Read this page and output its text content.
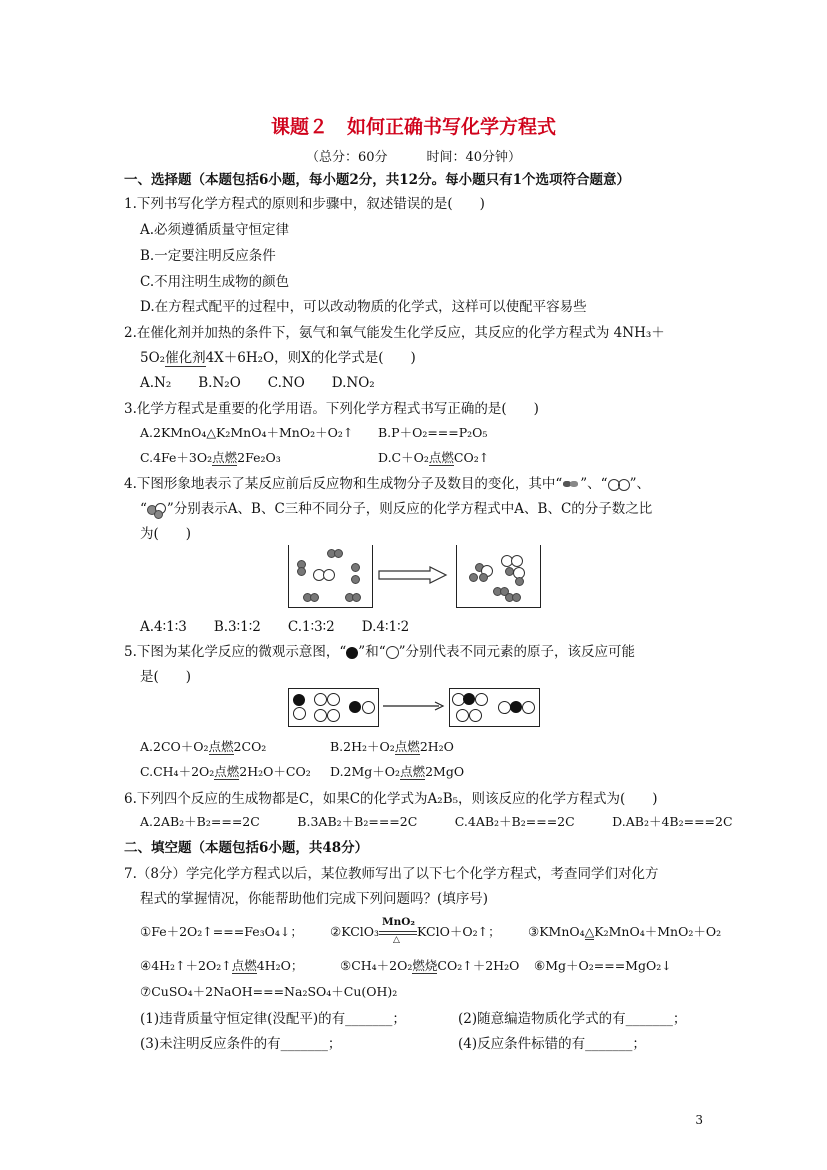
课题２　如何正确书写化学方程式
（总分：60分　　　时间：40分钟）
一、选择题（本题包括6小题，每小题2分，共12分。每小题只有1个选项符合题意）
1.下列书写化学方程式的原则和步骤中，叙述错误的是(　　)
A.必须遵循质量守恒定律
B.一定要注明反应条件
C.不用注明生成物的颜色
D.在方程式配平的过程中，可以改动物质的化学式，这样可以使配平容易些
2.在催化剂并加热的条件下，氨气和氧气能发生化学反应，其反应的化学方程式为 4NH₃＋
5O₂催化剂4X＋6H₂O，则X的化学式是(　　)
A.N₂　　B.N₂O　　C.NO　　D.NO₂
3.化学方程式是重要的化学用语。下列化学方程式书写正确的是(　　)
A.2KMnO₄△K₂MnO₄＋MnO₂＋O₂↑ B.P＋O₂===P₂O₅
C.4Fe＋3O₂点燃2Fe₂O₃	D.C＋O₂点燃CO₂↑
4.下图形象地表示了某反应前后反应物和生成物分子及数目的变化，其中“ ”、“ ”、
“ ”分别表示A、B、C三种不同分子，则反应的化学方程式中A、B、C的分子数之比
为(　　)
A.4∶1∶3　　B.3∶1∶2　　C.1∶3∶2　　D.4∶1∶2
5.下图为某化学反应的微观示意图，“ ”和“ ”分别代表不同元素的原子，该反应可能
是(　　)
A.2CO＋O₂点燃2CO₂	B.2H₂＋O₂点燃2H₂O
C.CH₄＋2O₂点燃2H₂O＋CO₂ D.2Mg＋O₂点燃2MgO
6.下列四个反应的生成物都是C，如果C的化学式为A₂B₅，则该反应的化学方程式为(　　)
A.2AB₂＋B₂===2C　　　B.3AB₂＋B₂===2C　　　C.4AB₂＋B₂===2C　　　D.AB₂＋4B₂===2C
二、填空题（本题包括6小题，共48分）
7.（8分）学完化学方程式以后，某位教师写出了以下七个化学方程式，考查同学们对化方
程式的掌握情况，你能帮助他们完成下列问题吗？(填序号)
①Fe＋2O₂↑===Fe₃O₄↓； ②KClO₃
MnO₂
△
KClO＋O₂↑； ③KMnO₄△K₂MnO₄＋MnO₂＋O₂
④4H₂↑＋2O₂↑点燃4H₂O；	⑤CH₄＋2O₂燃烧CO₂↑＋2H₂O ⑥Mg＋O₂===MgO₂↓
⑦CuSO₄＋2NaOH===Na₂SO₄＋Cu(OH)₂
(1)违背质量守恒定律(没配平)的有_______；	(2)随意编造物质化学式的有_______；
(3)未注明反应条件的有_______；	(4)反应条件标错的有_______；
3
